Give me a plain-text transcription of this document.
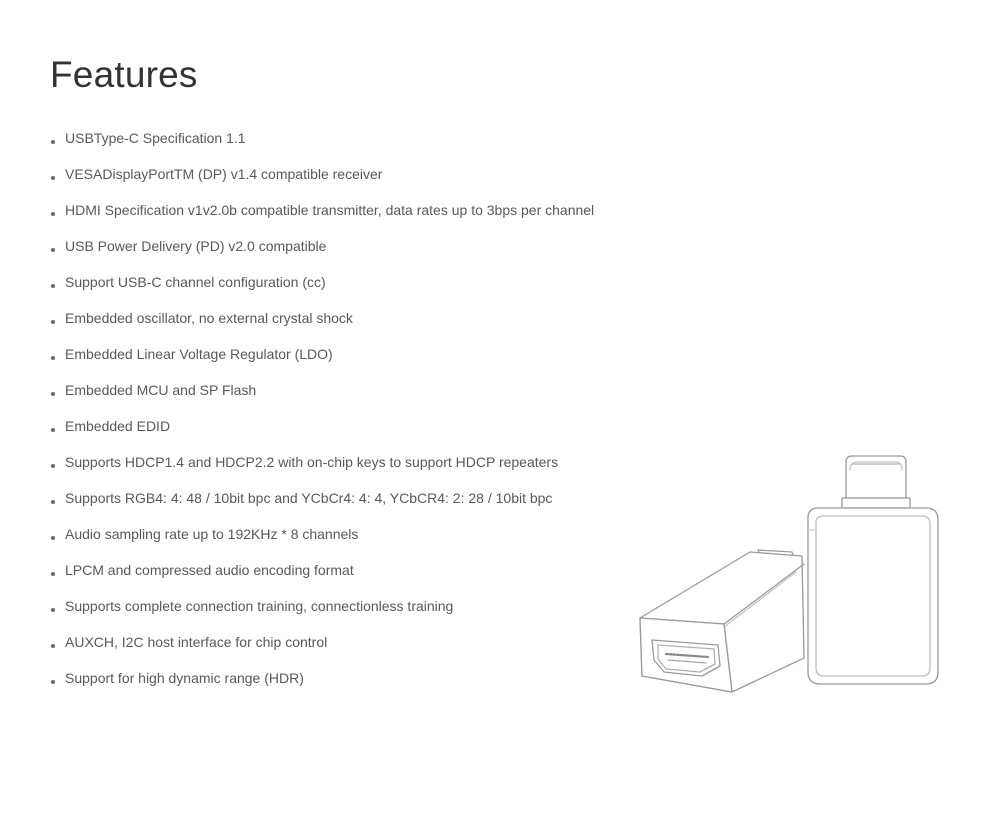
Features
USBType-C Specification 1.1
VESADisplayPortTM (DP) v1.4 compatible receiver
HDMI Specification v1v2.0b compatible transmitter, data rates up to 3bps per channel
USB Power Delivery (PD) v2.0 compatible
Support USB-C channel configuration (cc)
Embedded oscillator, no external crystal shock
Embedded Linear Voltage Regulator (LDO)
Embedded MCU and SP Flash
Embedded EDID
Supports HDCP1.4 and HDCP2.2 with on-chip keys to support HDCP repeaters
Supports RGB4: 4: 48 / 10bit bpc and YCbCr4: 4: 4, YCbCR4: 2: 28 / 10bit bpc
Audio sampling rate up to 192KHz * 8 channels
LPCM and compressed audio encoding format
Supports complete connection training, connectionless training
AUXCH, I2C host interface for chip control
Support for high dynamic range (HDR)
